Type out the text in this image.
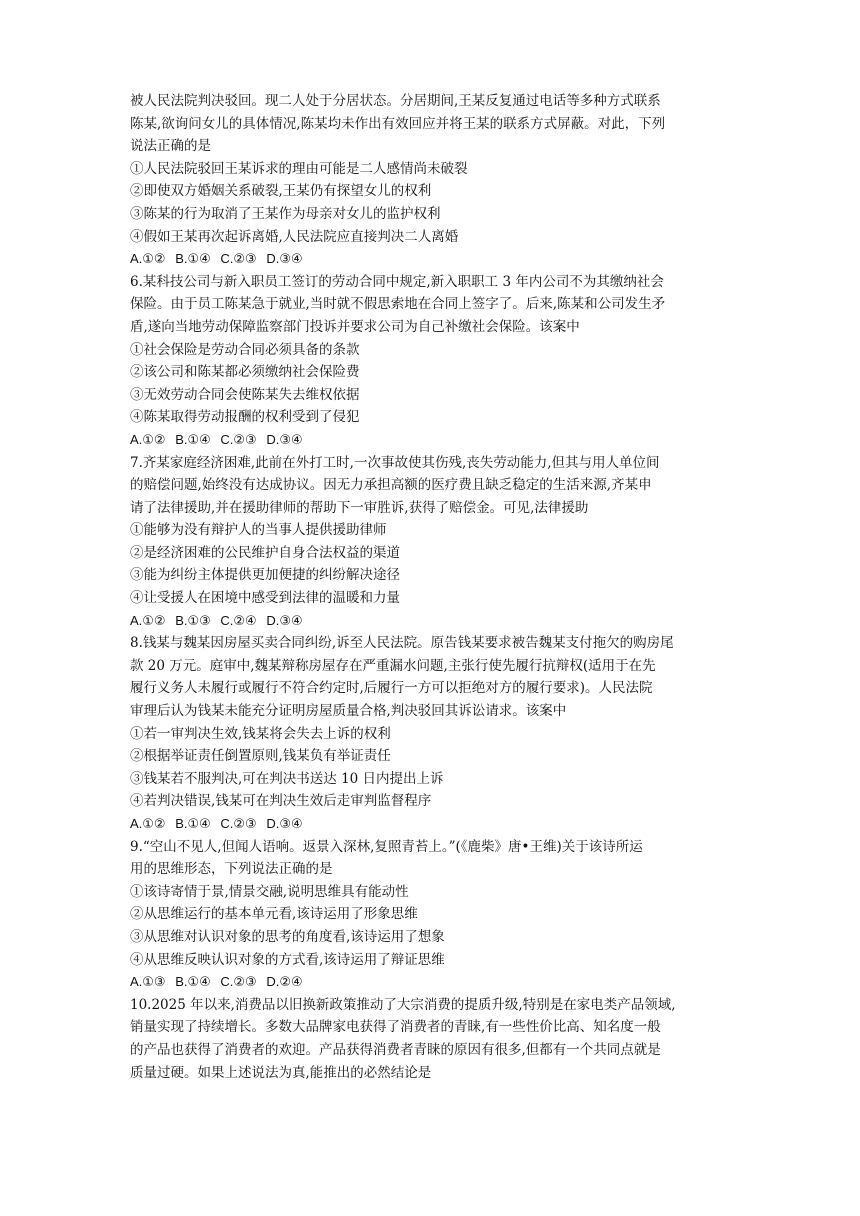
被人民法院判决驳回。现二人处于分居状态。分居期间,王某反复通过电话等多种方式联系
陈某,欲询问女儿的具体情况,陈某均未作出有效回应并将王某的联系方式屏蔽。对此，下列
说法正确的是
①人民法院驳回王某诉求的理由可能是二人感情尚未破裂
②即使双方婚姻关系破裂,王某仍有探望女儿的权利
③陈某的行为取消了王某作为母亲对女儿的监护权利
④假如王某再次起诉离婚,人民法院应直接判决二人离婚
A.①② B.①④ C.②③ D.③④
6.某科技公司与新入职员工签订的劳动合同中规定,新入职职工 3 年内公司不为其缴纳社会
保险。由于员工陈某急于就业,当时就不假思索地在合同上签字了。后来,陈某和公司发生矛
盾,遂向当地劳动保障监察部门投诉并要求公司为自己补缴社会保险。该案中
①社会保险是劳动合同必须具备的条款
②该公司和陈某都必须缴纳社会保险费
③无效劳动合同会使陈某失去维权依据
④陈某取得劳动报酬的权利受到了侵犯
A.①② B.①④ C.②③ D.③④
7.齐某家庭经济困难,此前在外打工时,一次事故使其伤残,丧失劳动能力,但其与用人单位间
的赔偿问题,始终没有达成协议。因无力承担高额的医疗费且缺乏稳定的生活来源,齐某申
请了法律援助,并在援助律师的帮助下一审胜诉,获得了赔偿金。可见,法律援助
①能够为没有辩护人的当事人提供援助律师
②是经济困难的公民维护自身合法权益的渠道
③能为纠纷主体提供更加便捷的纠纷解决途径
④让受援人在困境中感受到法律的温暖和力量
A.①② B.①③ C.②④ D.③④
8.钱某与魏某因房屋买卖合同纠纷,诉至人民法院。原告钱某要求被告魏某支付拖欠的购房尾
款 20 万元。庭审中,魏某辩称房屋存在严重漏水问题,主张行使先履行抗辩权(适用于在先
履行义务人未履行或履行不符合约定时,后履行一方可以拒绝对方的履行要求)。人民法院
审理后认为钱某未能充分证明房屋质量合格,判决驳回其诉讼请求。该案中
①若一审判决生效,钱某将会失去上诉的权利
②根据举证责任倒置原则,钱某负有举证责任
③钱某若不服判决,可在判决书送达 10 日内提出上诉
④若判决错误,钱某可在判决生效后走审判监督程序
A.①② B.①④ C.②③ D.③④
9.“空山不见人,但闻人语响。返景入深林,复照青苔上。”(《鹿柴》唐•王维)关于该诗所运
用的思维形态，下列说法正确的是
①该诗寄情于景,情景交融,说明思维具有能动性
②从思维运行的基本单元看,该诗运用了形象思维
③从思维对认识对象的思考的角度看,该诗运用了想象
④从思维反映认识对象的方式看,该诗运用了辩证思维
A.①③ B.①④ C.②③ D.②④
10.2025 年以来,消费品以旧换新政策推动了大宗消费的提质升级,特别是在家电类产品领域,
销量实现了持续增长。多数大品牌家电获得了消费者的青睐,有一些性价比高、知名度一般
的产品也获得了消费者的欢迎。产品获得消费者青睐的原因有很多,但都有一个共同点就是
质量过硬。如果上述说法为真,能推出的必然结论是
